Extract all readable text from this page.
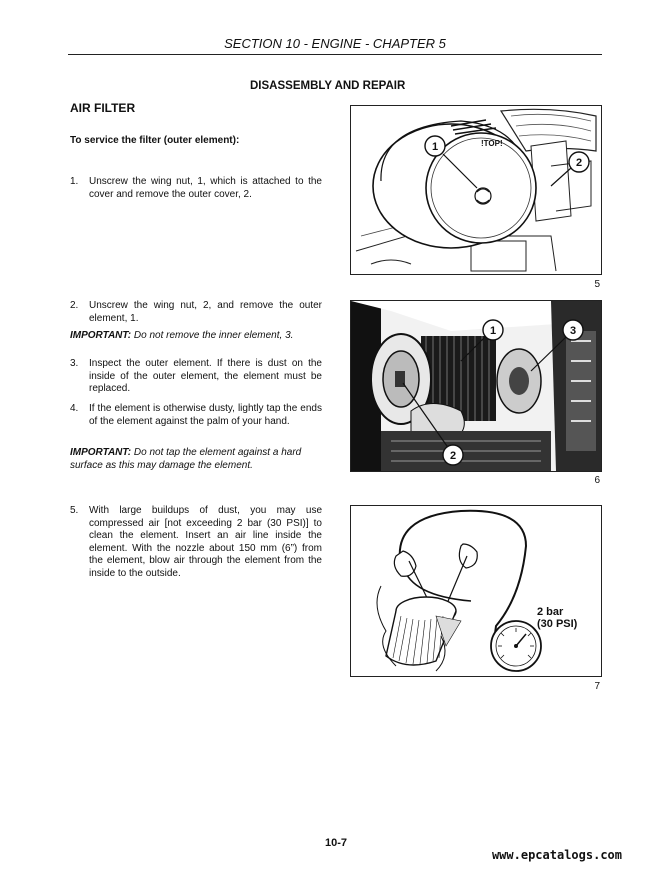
SECTION 10 - ENGINE - CHAPTER 5
DISASSEMBLY AND REPAIR
AIR FILTER
To service the filter (outer element):
1. Unscrew the wing nut, 1, which is attached to the cover and remove the outer cover, 2.
2. Unscrew the wing nut, 2, and remove the outer element, 1.
IMPORTANT: Do not remove the inner element, 3.
3. Inspect the outer element. If there is dust on the inside of the outer element, the element must be replaced.
4. If the element is otherwise dusty, lightly tap the ends of the element against the palm of your hand.
IMPORTANT: Do not tap the element against a hard surface as this may damage the element.
5. With large buildups of dust, you may use compressed air [not exceeding 2 bar (30 PSI)] to clean the element. Insert an air line inside the element. With the nozzle about 150 mm (6”) from the element, blow air through the element from the inside to the outside.
!TOP!
1
2
5
1	3
2
6
2 bar
(30 PSI)
7
10-7
www.epcatalogs.com
